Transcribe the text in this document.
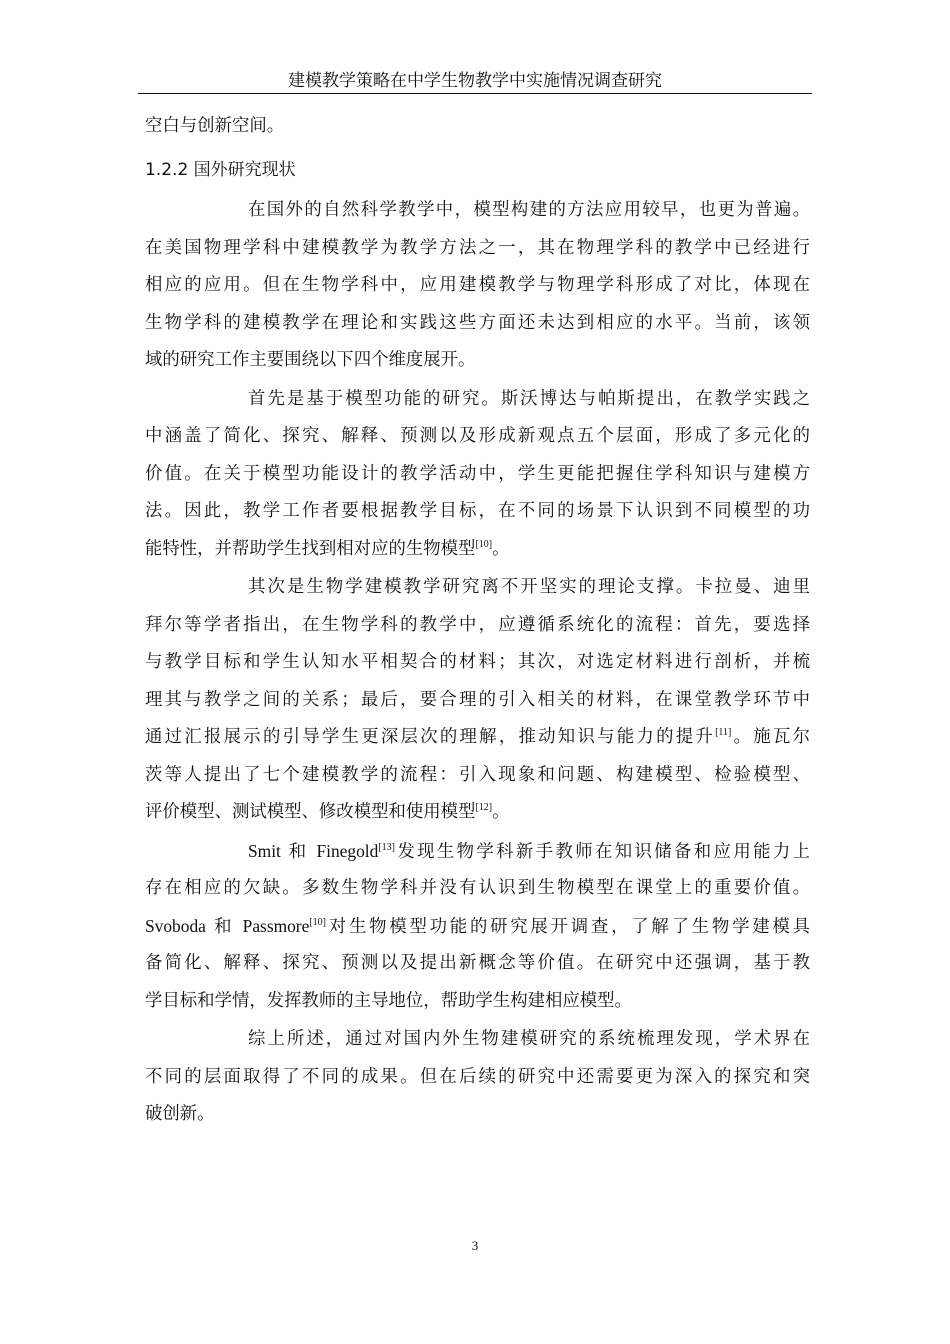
建模教学策略在中学生物教学中实施情况调查研究
空白与创新空间。
1.2.2 国外研究现状
在国外的自然科学教学中，模型构建的方法应用较早，也更为普遍。
在美国物理学科中建模教学为教学方法之一，其在物理学科的教学中已经进行
相应的应用。但在生物学科中，应用建模教学与物理学科形成了对比，体现在
生物学科的建模教学在理论和实践这些方面还未达到相应的水平。当前，该领
域的研究工作主要围绕以下四个维度展开。
首先是基于模型功能的研究。斯沃博达与帕斯提出，在教学实践之
中涵盖了简化、探究、解释、预测以及形成新观点五个层面，形成了多元化的
价值。在关于模型功能设计的教学活动中，学生更能把握住学科知识与建模方
法。因此，教学工作者要根据教学目标，在不同的场景下认识到不同模型的功
能特性，并帮助学生找到相对应的生物模型[10]。
其次是生物学建模教学研究离不开坚实的理论支撑。卡拉曼、迪里
拜尔等学者指出，在生物学科的教学中，应遵循系统化的流程：首先，要选择
与教学目标和学生认知水平相契合的材料；其次，对选定材料进行剖析，并梳
理其与教学之间的关系；最后，要合理的引入相关的材料，在课堂教学环节中
通过汇报展示的引导学生更深层次的理解，推动知识与能力的提升[11]。施瓦尔
茨等人提出了七个建模教学的流程：引入现象和问题、构建模型、检验模型、
评价模型、测试模型、修改模型和使用模型[12]。
Smit 和 Finegold[13]发现生物学科新手教师在知识储备和应用能力上
存在相应的欠缺。多数生物学科并没有认识到生物模型在课堂上的重要价值。
Svoboda 和 Passmore[10]对生物模型功能的研究展开调查，了解了生物学建模具
备简化、解释、探究、预测以及提出新概念等价值。在研究中还强调，基于教
学目标和学情，发挥教师的主导地位，帮助学生构建相应模型。
综上所述，通过对国内外生物建模研究的系统梳理发现，学术界在
不同的层面取得了不同的成果。但在后续的研究中还需要更为深入的探究和突
破创新。
3
